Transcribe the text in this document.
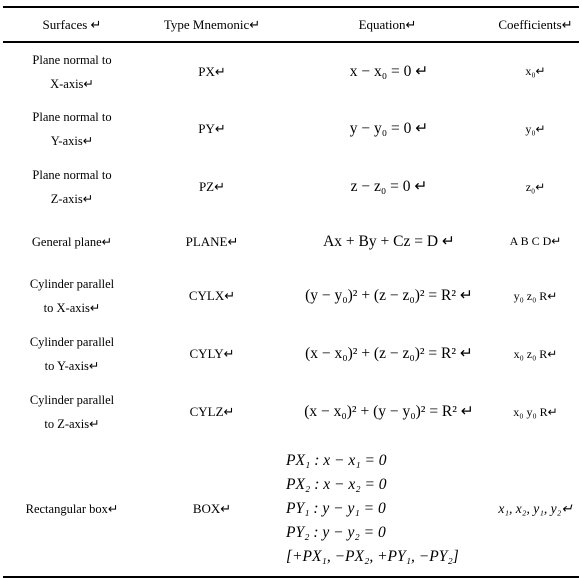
Surfaces ↵	Type Mnemonic↵	Equation↵	Coefficients↵

Plane normal to
X-axis↵	PX↵	x − x₀ = 0 ↵	x₀↵

Plane normal to
Y-axis↵	PY↵	y − y₀ = 0 ↵	y₀↵

Plane normal to
Z-axis↵	PZ↵	z − z₀ = 0 ↵	z₀↵

General plane↵	PLANE↵	Ax + By + Cz = D ↵	A B C D↵

Cylinder parallel
to X-axis↵	CYLX↵	(y − y₀)² + (z − z₀)² = R² ↵	y₀ z₀ R↵

Cylinder parallel
to Y-axis↵	CYLY↵	(x − x₀)² + (z − z₀)² = R² ↵	x₀ z₀ R↵

Cylinder parallel
to Z-axis↵	CYLZ↵	(x − x₀)² + (y − y₀)² = R² ↵	x₀ y₀ R↵

Rectangular box↵	BOX↵	PX₁ : x − x₁ = 0
PX₂ : x − x₂ = 0
PY₁ : y − y₁ = 0
PY₂ : y − y₂ = 0
[+PX₁, −PX₂, +PY₁, −PY₂]	x₁, x₂, y₁, y₂↵
